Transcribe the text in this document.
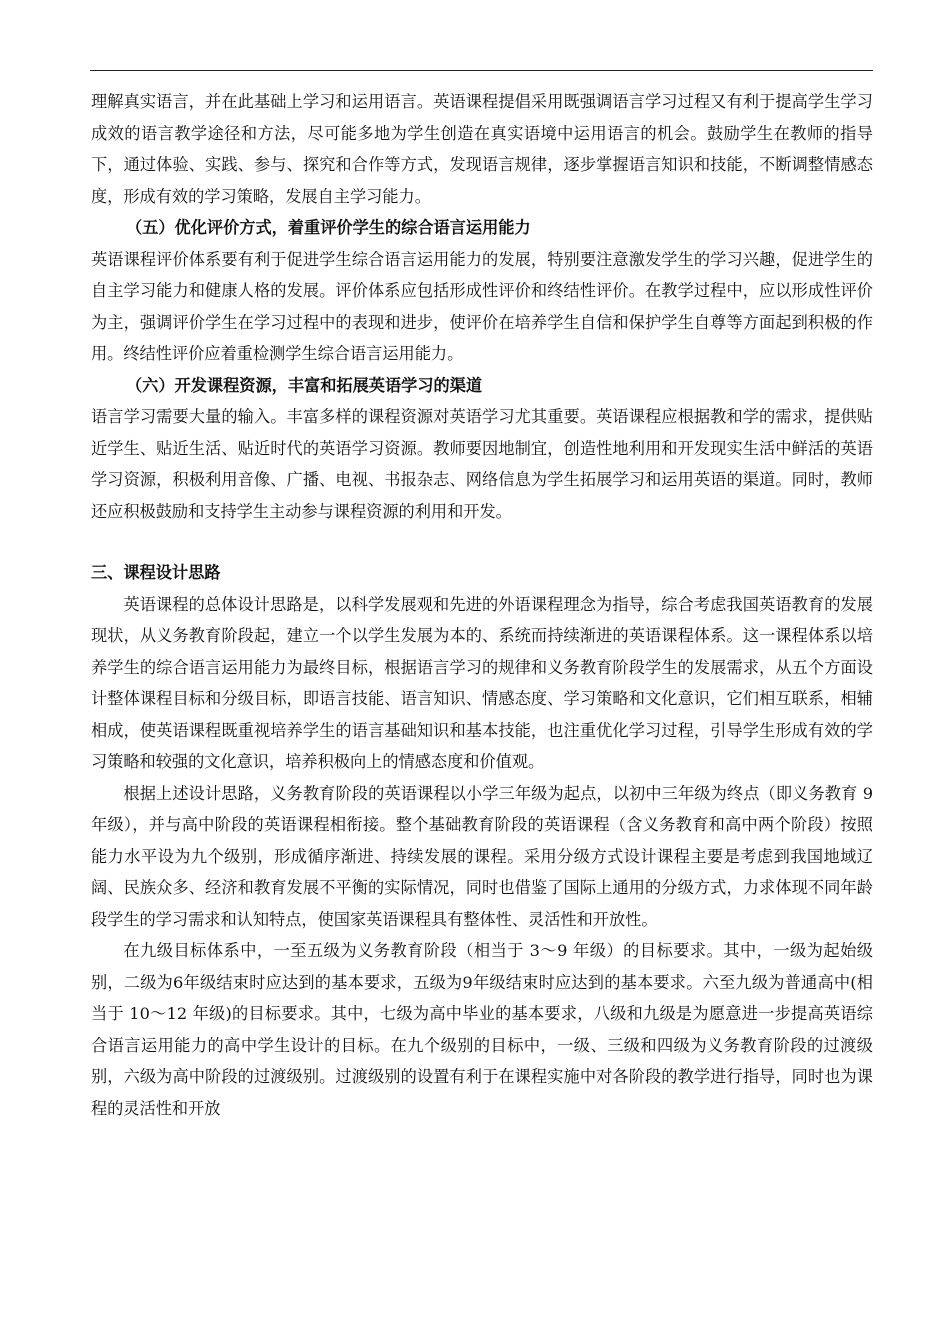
理解真实语言，并在此基础上学习和运用语言。英语课程提倡采用既强调语言学习过程又有利于提高学生学习成效的语言教学途径和方法，尽可能多地为学生创造在真实语境中运用语言的机会。鼓励学生在教师的指导下，通过体验、实践、参与、探究和合作等方式，发现语言规律，逐步掌握语言知识和技能，不断调整情感态度，形成有效的学习策略，发展自主学习能力。

（五）优化评价方式，着重评价学生的综合语言运用能力

英语课程评价体系要有利于促进学生综合语言运用能力的发展，特别要注意激发学生的学习兴趣，促进学生的自主学习能力和健康人格的发展。评价体系应包括形成性评价和终结性评价。在教学过程中，应以形成性评价为主，强调评价学生在学习过程中的表现和进步，使评价在培养学生自信和保护学生自尊等方面起到积极的作用。终结性评价应着重检测学生综合语言运用能力。

（六）开发课程资源，丰富和拓展英语学习的渠道

语言学习需要大量的输入。丰富多样的课程资源对英语学习尤其重要。英语课程应根据教和学的需求，提供贴近学生、贴近生活、贴近时代的英语学习资源。教师要因地制宜，创造性地利用和开发现实生活中鲜活的英语学习资源，积极利用音像、广播、电视、书报杂志、网络信息为学生拓展学习和运用英语的渠道。同时，教师还应积极鼓励和支持学生主动参与课程资源的利用和开发。

三、课程设计思路

英语课程的总体设计思路是，以科学发展观和先进的外语课程理念为指导，综合考虑我国英语教育的发展现状，从义务教育阶段起，建立一个以学生发展为本的、系统而持续渐进的英语课程体系。这一课程体系以培养学生的综合语言运用能力为最终目标，根据语言学习的规律和义务教育阶段学生的发展需求，从五个方面设计整体课程目标和分级目标，即语言技能、语言知识、情感态度、学习策略和文化意识，它们相互联系，相辅相成，使英语课程既重视培养学生的语言基础知识和基本技能，也注重优化学习过程，引导学生形成有效的学习策略和较强的文化意识，培养积极向上的情感态度和价值观。

根据上述设计思路，义务教育阶段的英语课程以小学三年级为起点，以初中三年级为终点（即义务教育 9 年级），并与高中阶段的英语课程相衔接。整个基础教育阶段的英语课程（含义务教育和高中两个阶段）按照能力水平设为九个级别，形成循序渐进、持续发展的课程。采用分级方式设计课程主要是考虑到我国地域辽阔、民族众多、经济和教育发展不平衡的实际情况，同时也借鉴了国际上通用的分级方式，力求体现不同年龄段学生的学习需求和认知特点，使国家英语课程具有整体性、灵活性和开放性。

在九级目标体系中，一至五级为义务教育阶段（相当于 3～9 年级）的目标要求。其中，一级为起始级别，二级为6年级结束时应达到的基本要求，五级为9年级结束时应达到的基本要求。六至九级为普通高中(相当于 10～12 年级)的目标要求。其中，七级为高中毕业的基本要求，八级和九级是为愿意进一步提高英语综合语言运用能力的高中学生设计的目标。在九个级别的目标中，一级、三级和四级为义务教育阶段的过渡级别，六级为高中阶段的过渡级别。过渡级别的设置有利于在课程实施中对各阶段的教学进行指导，同时也为课程的灵活性和开放
